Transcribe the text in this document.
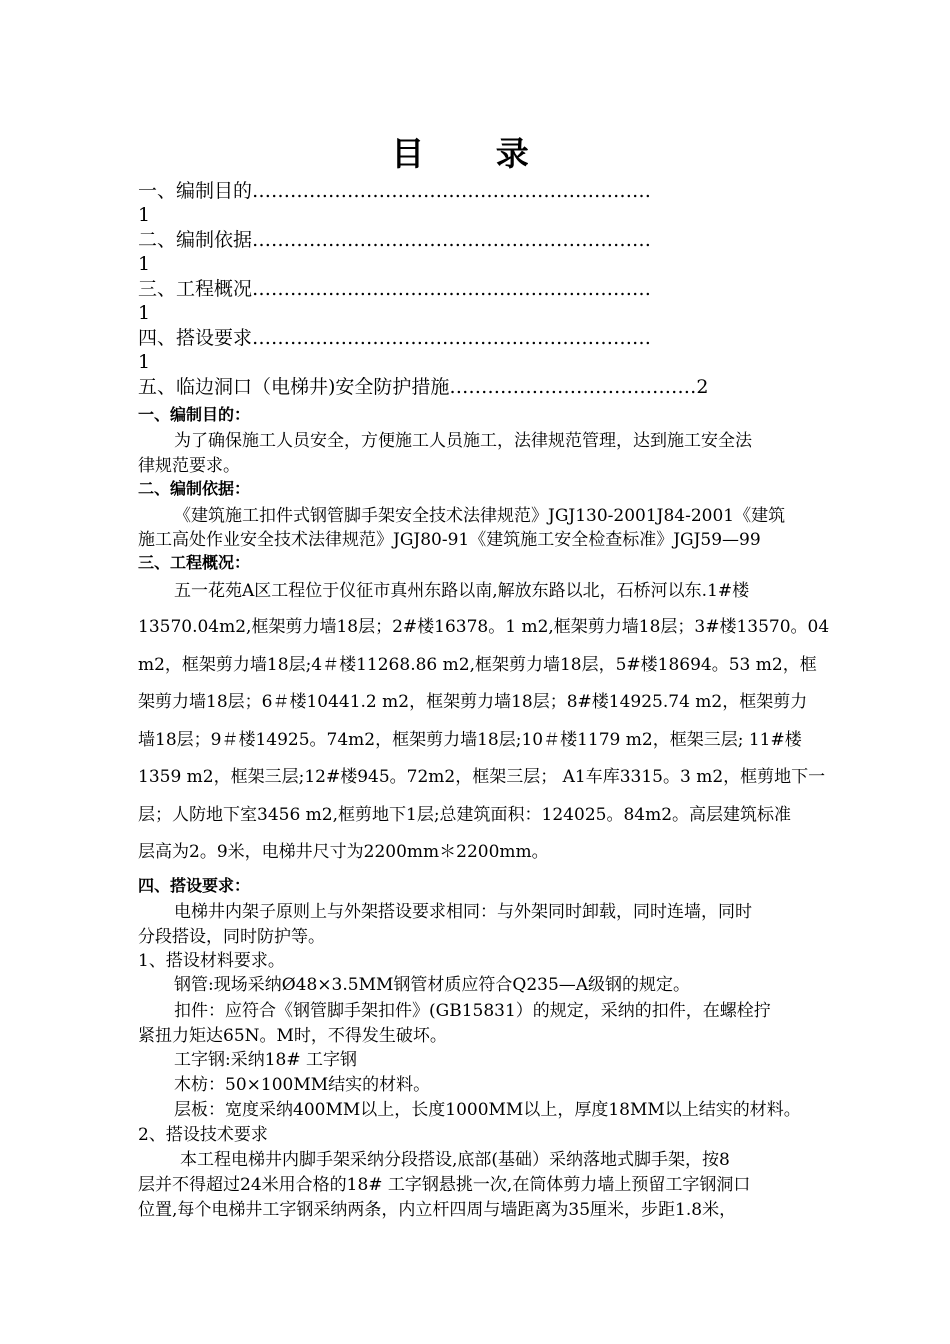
目 录
一、编制目的………………………………………………………
1
二、编制依据………………………………………………………
1
三、工程概况………………………………………………………
1
四、搭设要求………………………………………………………
1
五、临边洞口（电梯井)安全防护措施…………………………………2
一、编制目的：
为了确保施工人员安全，方便施工人员施工，法律规范管理，达到施工安全法
律规范要求。
二、编制依据：
《建筑施工扣件式钢管脚手架安全技术法律规范》JGJ130-2001J84-2001《建筑
施工高处作业安全技术法律规范》JGJ80-91《建筑施工安全检查标准》JGJ59—99
三、工程概况：
五一花苑A区工程位于仪征市真州东路以南,解放东路以北，石桥河以东.1#楼
13570.04m2,框架剪力墙18层；2#楼16378。1 m2,框架剪力墙18层；3#楼13570。04
m2，框架剪力墙18层;4＃楼11268.86 m2,框架剪力墙18层，5#楼18694。53 m2，框
架剪力墙18层；6＃楼10441.2 m2，框架剪力墙18层；8#楼14925.74 m2，框架剪力
墙18层；9＃楼14925。74m2，框架剪力墙18层;10＃楼1179 m2，框架三层; 11#楼
1359 m2，框架三层;12#楼945。72m2，框架三层； A1车库3315。3 m2，框剪地下一
层；人防地下室3456 m2,框剪地下1层;总建筑面积：124025。84m2。高层建筑标准
层高为2。9米，电梯井尺寸为2200mm＊2200mm。
四、搭设要求：
电梯井内架子原则上与外架搭设要求相同：与外架同时卸载，同时连墙，同时
分段搭设，同时防护等。
1、搭设材料要求。
钢管:现场采纳Ø48×3.5MM钢管材质应符合Q235—A级钢的规定。
扣件：应符合《钢管脚手架扣件》(GB15831）的规定，采纳的扣件，在螺栓拧
紧扭力矩达65N。M时，不得发生破坏。
工字钢:采纳18# 工字钢
木枋：50×100MM结实的材料。
层板：宽度采纳400MM以上，长度1000MM以上，厚度18MM以上结实的材料。
2、搭设技术要求
本工程电梯井内脚手架采纳分段搭设,底部(基础）采纳落地式脚手架，按8
层并不得超过24米用合格的18# 工字钢悬挑一次,在筒体剪力墙上预留工字钢洞口
位置,每个电梯井工字钢采纳两条，内立杆四周与墙距离为35厘米，步距1.8米，
